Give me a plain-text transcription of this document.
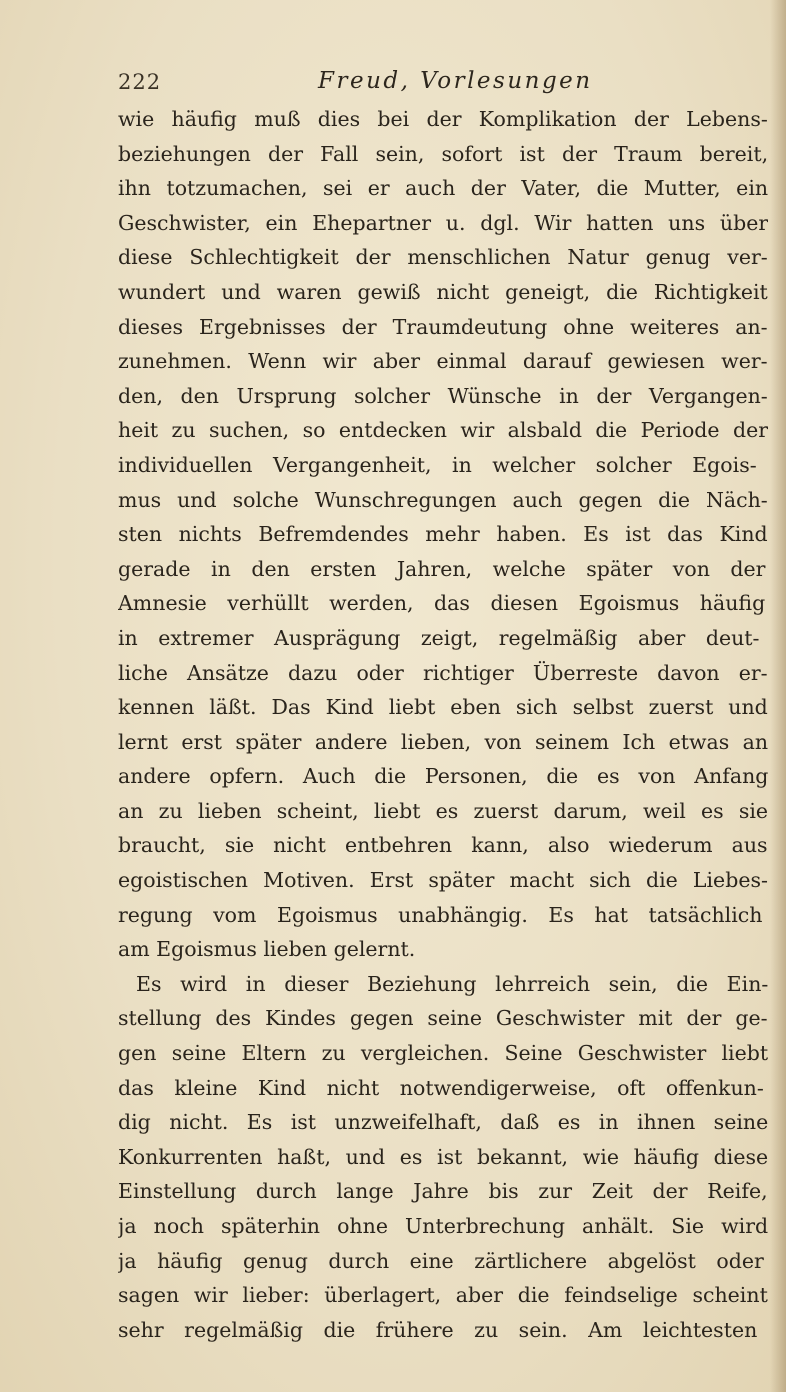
222	Freud, Vorlesungen
wie häufig muß dies bei der Komplikation der Lebens-
beziehungen der Fall sein, sofort ist der Traum bereit,
ihn totzumachen, sei er auch der Vater, die Mutter, ein
Geschwister, ein Ehepartner u. dgl. Wir hatten uns über
diese Schlechtigkeit der menschlichen Natur genug ver-
wundert und waren gewiß nicht geneigt, die Richtigkeit
dieses Ergebnisses der Traumdeutung ohne weiteres an-
zunehmen. Wenn wir aber einmal darauf gewiesen wer-
den, den Ursprung solcher Wünsche in der Vergangen-
heit zu suchen, so entdecken wir alsbald die Periode der
individuellen Vergangenheit, in welcher solcher Egois-
mus und solche Wunschregungen auch gegen die Näch-
sten nichts Befremdendes mehr haben. Es ist das Kind
gerade in den ersten Jahren, welche später von der
Amnesie verhüllt werden, das diesen Egoismus häufig
in extremer Ausprägung zeigt, regelmäßig aber deut-
liche Ansätze dazu oder richtiger Überreste davon er-
kennen läßt. Das Kind liebt eben sich selbst zuerst und
lernt erst später andere lieben, von seinem Ich etwas an
andere opfern. Auch die Personen, die es von Anfang
an zu lieben scheint, liebt es zuerst darum, weil es sie
braucht, sie nicht entbehren kann, also wiederum aus
egoistischen Motiven. Erst später macht sich die Liebes-
regung vom Egoismus unabhängig. Es hat tatsächlich
am Egoismus lieben gelernt.
Es wird in dieser Beziehung lehrreich sein, die Ein-
stellung des Kindes gegen seine Geschwister mit der ge-
gen seine Eltern zu vergleichen. Seine Geschwister liebt
das kleine Kind nicht notwendigerweise, oft offenkun-
dig nicht. Es ist unzweifelhaft, daß es in ihnen seine
Konkurrenten haßt, und es ist bekannt, wie häufig diese
Einstellung durch lange Jahre bis zur Zeit der Reife,
ja noch späterhin ohne Unterbrechung anhält. Sie wird
ja häufig genug durch eine zärtlichere abgelöst oder
sagen wir lieber: überlagert, aber die feindselige scheint
sehr regelmäßig die frühere zu sein. Am leichtesten
